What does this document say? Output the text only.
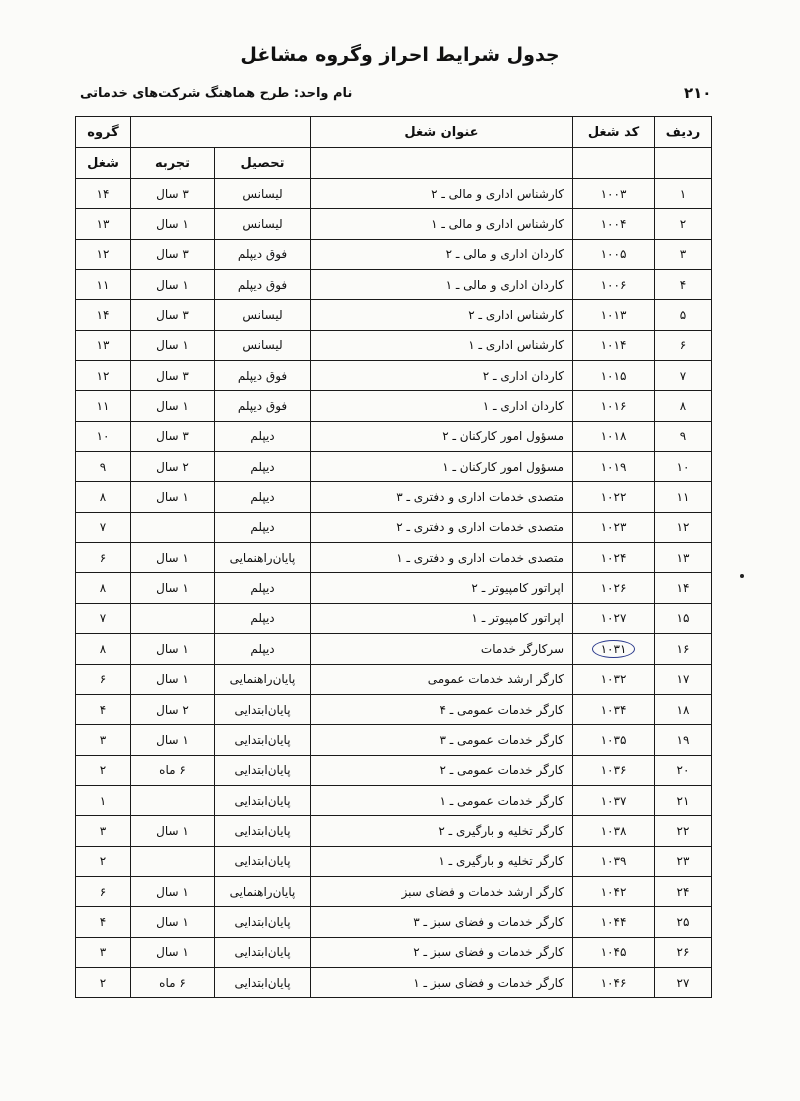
جدول شرایط احراز وگروه مشاغل
۲۱۰
نام واحد: طرح هماهنگ شرکت‌های خدماتی
ردیف	کد شغل	عنوان شغل			گروه
			تحصیل	تجربه	شغل
۱	۱۰۰۳	کارشناس اداری و مالی ـ ۲	لیسانس	۳ سال	۱۴
۲	۱۰۰۴	کارشناس اداری و مالی ـ ۱	لیسانس	۱ سال	۱۳
۳	۱۰۰۵	کاردان اداری و مالی ـ ۲	فوق دیپلم	۳ سال	۱۲
۴	۱۰۰۶	کاردان اداری و مالی ـ ۱	فوق دیپلم	۱ سال	۱۱
۵	۱۰۱۳	کارشناس اداری ـ ۲	لیسانس	۳ سال	۱۴
۶	۱۰۱۴	کارشناس اداری ـ ۱	لیسانس	۱ سال	۱۳
۷	۱۰۱۵	کاردان اداری ـ ۲	فوق دیپلم	۳ سال	۱۲
۸	۱۰۱۶	کاردان اداری ـ ۱	فوق دیپلم	۱ سال	۱۱
۹	۱۰۱۸	مسؤول امور کارکنان ـ ۲	دیپلم	۳ سال	۱۰
۱۰	۱۰۱۹	مسؤول امور کارکنان ـ ۱	دیپلم	۲ سال	۹
۱۱	۱۰۲۲	متصدی خدمات اداری و دفتری ـ ۳	دیپلم	۱ سال	۸
۱۲	۱۰۲۳	متصدی خدمات اداری و دفتری ـ ۲	دیپلم		۷
۱۳	۱۰۲۴	متصدی خدمات اداری و دفتری ـ ۱	پایان‌راهنمایی	۱ سال	۶
۱۴	۱۰۲۶	اپراتور کامپیوتر ـ ۲	دیپلم	۱ سال	۸
۱۵	۱۰۲۷	اپراتور کامپیوتر ـ ۱	دیپلم		۷
۱۶	۱۰۳۱	سرکارگر خدمات	دیپلم	۱ سال	۸
۱۷	۱۰۳۲	کارگر ارشد خدمات عمومی	پایان‌راهنمایی	۱ سال	۶
۱۸	۱۰۳۴	کارگر خدمات عمومی ـ ۴	پایان‌ابتدایی	۲ سال	۴
۱۹	۱۰۳۵	کارگر خدمات عمومی ـ ۳	پایان‌ابتدایی	۱ سال	۳
۲۰	۱۰۳۶	کارگر خدمات عمومی ـ ۲	پایان‌ابتدایی	۶ ماه	۲
۲۱	۱۰۳۷	کارگر خدمات عمومی ـ ۱	پایان‌ابتدایی		۱
۲۲	۱۰۳۸	کارگر تخلیه و بارگیری ـ ۲	پایان‌ابتدایی	۱ سال	۳
۲۳	۱۰۳۹	کارگر تخلیه و بارگیری ـ ۱	پایان‌ابتدایی		۲
۲۴	۱۰۴۲	کارگر ارشد خدمات و فضای سبز	پایان‌راهنمایی	۱ سال	۶
۲۵	۱۰۴۴	کارگر خدمات و فضای سبز ـ ۳	پایان‌ابتدایی	۱ سال	۴
۲۶	۱۰۴۵	کارگر خدمات و فضای سبز ـ ۲	پایان‌ابتدایی	۱ سال	۳
۲۷	۱۰۴۶	کارگر خدمات و فضای سبز ـ ۱	پایان‌ابتدایی	۶ ماه	۲
